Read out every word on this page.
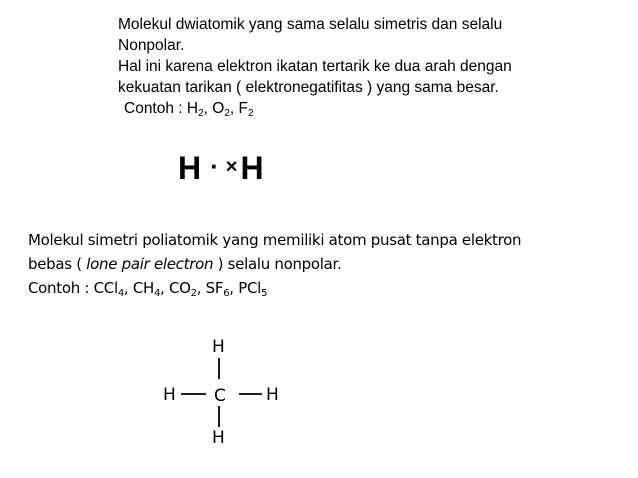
Molekul dwiatomik yang sama selalu simetris dan selalu
Nonpolar.
Hal ini karena elektron ikatan tertarik ke dua arah dengan
kekuatan tarikan ( elektronegatifitas ) yang sama besar.
Contoh : $H_2$, $O_2$, $F_2$
H · ×H
Molekul simetri poliatomik yang memiliki atom pusat tanpa elektron
bebas ( lone pair electron ) selalu nonpolar.
Contoh : CCl$_4$, $CH_4$, $CO_2$, $SF_6$, PCl$_5$
H
H C H
H
